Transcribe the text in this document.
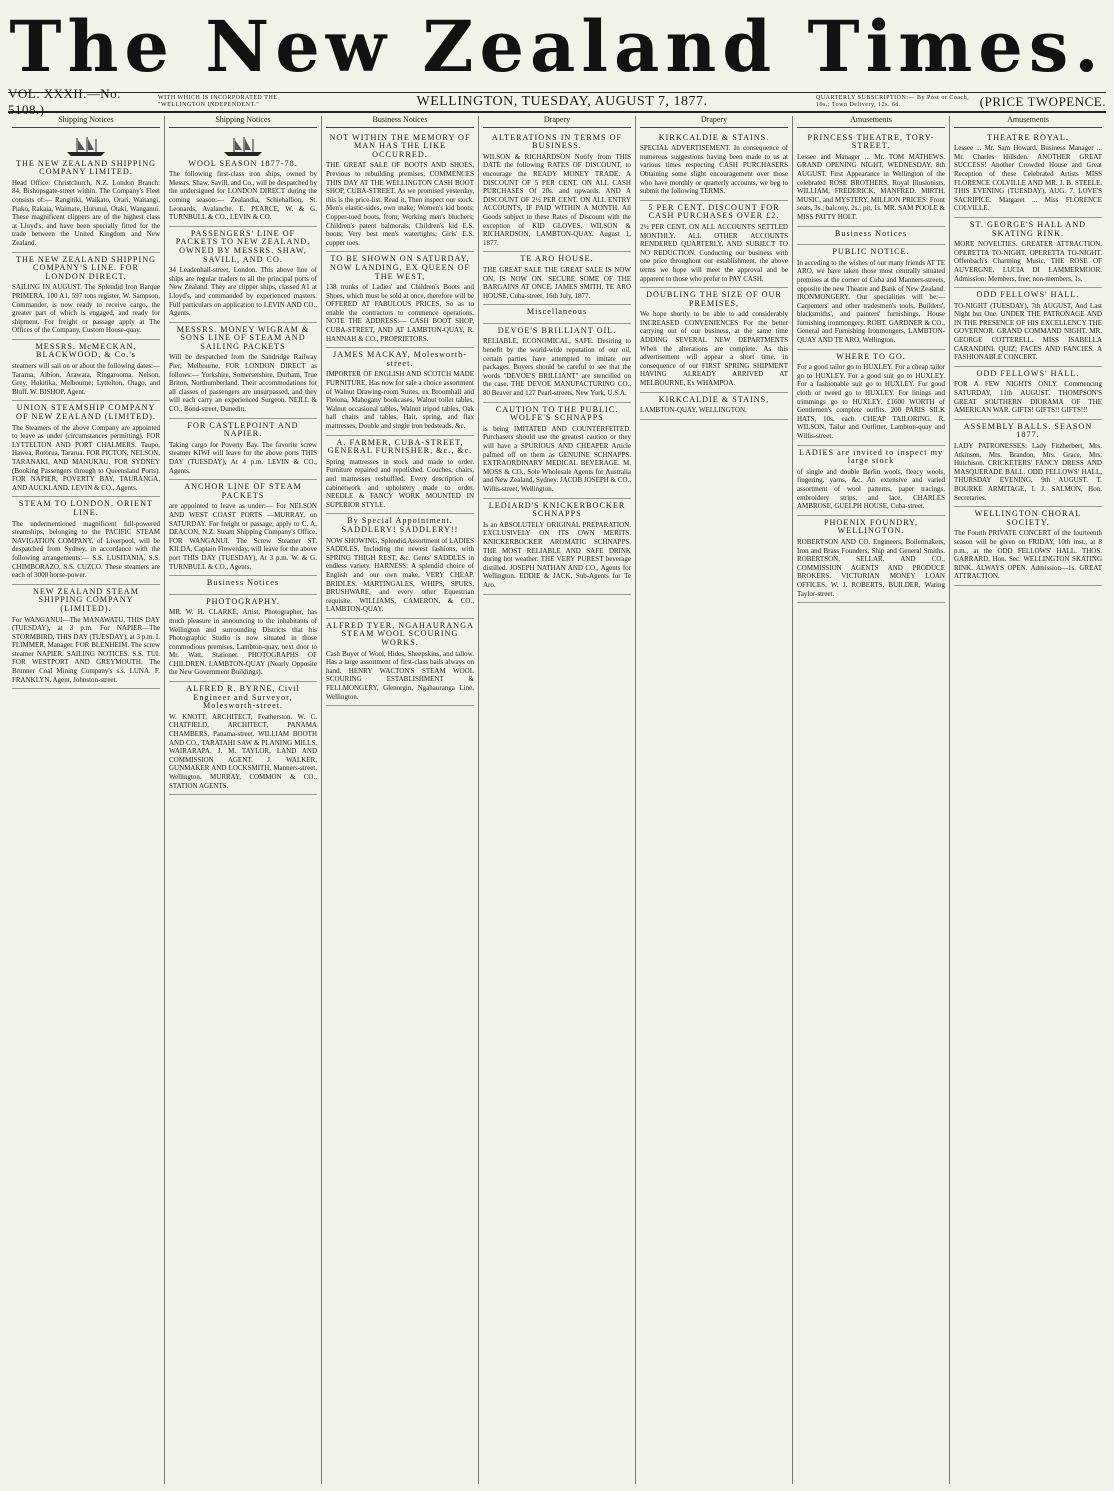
The New Zealand Times.
VOL. XXXII.—No. 5108.)
WITH WHICH IS INCORPORATED THE "WELLINGTON INDEPENDENT."	WELLINGTON, TUESDAY, AUGUST 7, 1877.	QUARTERLY SUBSCRIPTION:— By Post or Coach, 10s.; Town Delivery, 12s. 6d.	(PRICE TWOPENCE.
Shipping Notices
THE NEW ZEALAND SHIPPING COMPANY LIMITED.
Head Office: Christchurch, N.Z. London Branch: 84, Bishopsgate-street within. The Company's Fleet consists of:— Rangitiki, Waikato, Orari, Waitangi, Piako, Rakaia, Waimate, Hurunui, Otaki, Wanganui. These magnificent clippers are of the highest class at Lloyd's, and have been specially fitted for the trade between the United Kingdom and New Zealand.
THE NEW ZEALAND SHIPPING COMPANY'S LINE. FOR LONDON DIRECT.
SAILING IN AUGUST. The Splendid Iron Barque PRIMERA, 100 A1, 597 tons register, W. Sampson, Commander, is now ready to receive cargo, the greater part of which is engaged, and ready for shipment. For freight or passage apply at The Offices of the Company, Custom House-quay.
MESSRS. McMECKAN, BLACKWOOD, & Co.'s
steamers will sail on or about the following dates:— Tararua, Albion, Arawata, Ringarooma. Nelson, Grey, Hokitika, Melbourne; Lyttelton, Otago, and Bluff. W. BISHOP, Agent.
UNION STEAMSHIP COMPANY OF NEW ZEALAND (LIMITED).
The Steamers of the above Company are appointed to leave as under (circumstances permitting). FOR LYTTELTON AND PORT CHALMERS. Taupo, Hawea, Rotorua, Tararua. FOR PICTON, NELSON, TARANAKI, AND MANUKAU. FOR SYDNEY (Booking Passengers through to Queensland Ports). FOR NAPIER, POVERTY BAY, TAURANGA, AND AUCKLAND. LEVIN & CO., Agents.
STEAM TO LONDON. ORIENT LINE.
The undermentioned magnificent full-powered steamships, belonging to the PACIFIC STEAM NAVIGATION COMPANY, of Liverpool, will be despatched from Sydney, in accordance with the following arrangements:— S.S. LUSITANIA, S.S. CHIMBORAZO, S.S. CUZCO. These steamers are each of 3000 horse-power.
NEW ZEALAND STEAM SHIPPING COMPANY (LIMITED).
For WANGANUI—The MANAWATU, THIS DAY (TUESDAY), at 3 p.m. For NAPIER—The STORMBIRD, THIS DAY (TUESDAY), at 3 p.m. I. FLIMMER, Manager. FOR BLENHEIM. The screw steamer NAPIER. SAILING NOTICES. S.S. TUI. FOR WESTPORT AND GREYMOUTH. The Brunner Coal Mining Company's s.s. LUNA. F. FRANKLYN, Agent, Johnston-street.
Shipping Notices
WOOL SEASON 1877-78.
The following first-class iron ships, owned by Messrs. Shaw, Savill, and Co., will be despatched by the undersigned for LONDON DIRECT during the coming season:— Zealandia, Schiehallion, St. Leonards, Avalanche. E. PEARCE, W. & G. TURNBULL & CO., LEVIN & CO.
PASSENGERS' LINE OF PACKETS TO NEW ZEALAND, OWNED BY MESSRS. SHAW, SAVILL, AND CO.
34 Leadenhall-street, London. This above line of ships are regular traders to all the principal ports of New Zealand. They are clipper ships, classed A1 at Lloyd's, and commanded by experienced masters. Full particulars on application to LEVIN AND CO., Agents.
MESSRS. MONEY WIGRAM & SONS LINE OF STEAM AND SAILING PACKETS
Will be despatched from the Sandridge Railway Pier, Melbourne, FOR LONDON DIRECT as follows:— Yorkshire, Somersetshire, Durham, True Briton, Northumberland. Their accommodations for all classes of passengers are unsurpassed, and they will each carry an experienced Surgeon. NEILL & CO., Bond-street, Dunedin.
FOR CASTLEPOINT AND NAPIER.
Taking cargo for Poverty Bay. The favorite screw steamer KIWI will leave for the above ports THIS DAY (TUESDAY), At 4 p.m. LEVIN & CO., Agents.
ANCHOR LINE OF STEAM PACKETS
are appointed to leave as under:— For NELSON AND WEST COAST PORTS —MURRAY, on SATURDAY. For freight or passage, apply to C. A. DEACON, N.Z. Steam Shipping Company's Office. FOR WANGANUI. The Screw Steamer ST. KILDA, Captain Flowerday, will leave for the above port THIS DAY (TUESDAY), At 3 p.m. W. & G. TURNBULL & CO., Agents.
Business Notices
PHOTOGRAPHY.
MR. W. H. CLARKE, Artist, Photographer, has much pleasure in announcing to the inhabitants of Wellington and surrounding Districts that his Photographic Studio is now situated in those commodious premises, Lambton-quay, next door to Mr. Watt, Stationer. PHOTOGRAPHS OF CHILDREN. LAMBTON-QUAY (Nearly Opposite the New Government Buildings).
ALFRED R. BYRNE, Civil Engineer and Surveyor, Molesworth-street.
W. KNOTT, ARCHITECT, Featherston. W. C. CHATFIELD, ARCHITECT, PANAMA CHAMBERS, Panama-street. WILLIAM BOOTH AND CO., TARATAHI SAW & PLANING MILLS, WAIRARAPA. J. M. TAYLOR, LAND AND COMMISSION AGENT. J. WALKER, GUNMAKER AND LOCKSMITH, Manners-street, Wellington. MURRAY, COMMON & CO., STATION AGENTS.
Business Notices
NOT WITHIN THE MEMORY OF MAN HAS THE LIKE OCCURRED.
THE GREAT SALE OF BOOTS AND SHOES, Previous to rebuilding premises, COMMENCES THIS DAY AT THE WELLINGTON CASH BOOT SHOP, CUBA-STREET. As we promised yesterday, this is the price-list. Read it. Then inspect our stock. Men's elastic-sides, own make; Women's kid boots; Copper-toed boots, from; Working men's bluchers; Children's patent balmorals; Children's kid E.S. boots; Very best men's watertights; Girls' E.S. copper toes.
TO BE SHOWN ON SATURDAY, NOW LANDING, EX QUEEN OF THE WEST,
138 trunks of Ladies' and Children's Boots and Shoes, which must be sold at once, therefore will be OFFERED AT FABULOUS PRICES, So as to enable the contractors to commence operations. NOTE THE ADDRESS:— CASH BOOT SHOP, CUBA-STREET, AND AT LAMBTON-QUAY, R. HANNAH & CO., PROPRIETORS.
JAMES MACKAY, Molesworth-street.
IMPORTER OF ENGLISH AND SCOTCH MADE FURNITURE, Has now for sale a choice assortment of Walnut Drawing-room Suites, ex Broomhall and Fleiona, Mahogany bookcases, Walnut toilet tables, Walnut occasional tables, Walnut tripod tables, Oak hall chairs and tables, Hair, spring, and flax mattresses, Double and single iron bedsteads, &c.
A. FARMER, CUBA-STREET, GENERAL FURNISHER, &c., &c.
Spring mattresses in stock and made to order. Furniture repaired and repolished. Couches, chairs, and mattresses reshuffled. Every description of cabinetwork and upholstery made to order. NEEDLE & FANCY WORK MOUNTED IN SUPERIOR STYLE.
By Special Appointment. SADDLERY! SADDLERY!!
NOW SHOWING, Splendid Assortment of LADIES SADDLES, Including the newest fashions, with SPRING THIGH REST, &c. Gents' SADDLES in endless variety. HARNESS: A splendid choice of English and our own make, VERY CHEAP. BRIDLES, MARTINGALES, WHIPS, SPURS, BRUSHWARE, and every other Equestrian requisite. WILLIAMS, CAMERON, & CO., LAMBTON-QUAY.
ALFRED TYER, NGAHAURANGA STEAM WOOL SCOURING WORKS.
Cash Buyer of Wool, Hides, Sheepskins, and tallow. Has a large assortment of first-class bails always on hand. HENRY WACTON'S STEAM WOOL SCOURING ESTABLISHMENT & FELLMONGERY, Glenorgin, Ngahauranga Line, Wellington.
Drapery
ALTERATIONS IN TERMS OF BUSINESS.
WILSON & RICHARDSON Notify from THIS DATE the following RATES OF DISCOUNT, to encourage the READY MONEY TRADE. A DISCOUNT OF 5 PER CENT. ON ALL CASH PURCHASES Of 20s. and upwards. AND A DISCOUNT OF 2½ PER CENT. ON ALL ENTRY ACCOUNTS, IF PAID WITHIN A MONTH. All Goods subject to these Rates of Discount with the exception of KID GLOVES. WILSON & RICHARDSON, LAMBTON-QUAY. August 1, 1877.
TE ARO HOUSE.
THE GREAT SALE THE GREAT SALE IS NOW ON, IS NOW ON. SECURE SOME OF THE BARGAINS AT ONCE. JAMES SMITH, TE ARO HOUSE, Cuba-street, 16th July, 1877.
Miscellaneous
DEVOE'S BRILLIANT OIL.
RELIABLE, ECONOMICAL, SAFE. Desiring to benefit by the world-wide reputation of our oil, certain parties have attempted to imitate our packages. Buyers should be careful to see that the words "DEVOE'S BRILLIANT" are stencilled on the case. THE DEVOE MANUFACTURING CO., 80 Beaver and 127 Pearl-streets, New York, U.S.A.
CAUTION TO THE PUBLIC. WOLFE'S SCHNAPPS
is being IMITATED AND COUNTERFEITED. Purchasers should use the greatest caution or they will have a SPURIOUS AND CHEAPER Article palmed off on them as GENUINE SCHNAPPS. EXTRAORDINARY MEDICAL BEVERAGE. M. MOSS & CO., Sole Wholesale Agents for Australia and New Zealand, Sydney. JACOB JOSEPH & CO., Willis-street, Wellington.
LEDIARD'S KNICKERBOCKER SCHNAPPS
Is an ABSOLUTELY ORIGINAL PREPARATION. EXCLUSIVELY ON ITS OWN MERITS. KNICKERBOCKER AROMATIC SCHNAPPS. THE MOST RELIABLE AND SAFE DRINK during hot weather. THE VERY PUREST beverage distilled. JOSEPH NATHAN AND CO., Agents for Wellington. EDDIE & JACK, Sub-Agents for Te Aro.
Drapery
KIRKCALDIE & STAINS.
SPECIAL ADVERTISEMENT. In consequence of numerous suggestions having been made to us at various times respecting CASH PURCHASERS Obtaining some slight encouragement over those who have monthly or quarterly accounts, we beg to submit the following TERMS.
5 PER CENT. DISCOUNT FOR CASH PURCHASES OVER £2.
2½ PER CENT. ON ALL ACCOUNTS SETTLED MONTHLY. ALL OTHER ACCOUNTS RENDERED QUARTERLY, AND SUBJECT TO NO REDUCTION. Conducting our business with one price throughout our establishment, the above terms we hope will meet the approval and be apparent to those who prefer to PAY CASH.
DOUBLING THE SIZE OF OUR PREMISES,
We hope shortly to be able to add considerably INCREASED CONVENIENCES For the better carrying out of our business, at the same time ADDING SEVERAL NEW DEPARTMENTS When the alterations are complete. As this advertisement will appear a short time, in consequence of our FIRST SPRING SHIPMENT HAVING ALREADY ARRIVED AT MELBOURNE, Ex WHAMPOA.
KIRKCALDIE & STAINS,
LAMBTON-QUAY, WELLINGTON.
Amusements
PRINCESS THEATRE, TORY-STREET.
Lessee and Manager ... Mr. TOM MATHEWS. GRAND OPENING NIGHT, WEDNESDAY, 8th AUGUST. First Appearance in Wellington of the celebrated ROSE BROTHERS, Royal Illusionists, WILLIAM, FREDERICK, MANFRED. MIRTH, MUSIC, and MYSTERY. MILLION PRICES: Front seats, 3s.; balcony, 2s.; pit, 1s. MR. SAM POOLE & MISS PATTY HOLT.
Business Notices
PUBLIC NOTICE.
In acceding to the wishes of our many friends AT TE ARO, we have taken those most centrally situated premises at the corner of Cuba and Manners-streets, opposite the new Theatre and Bank of New Zealand. IRONMONGERY. Our specialities will be:— Carpenters' and other tradesmen's tools, Builders', blacksmiths', and painters' furnishings, House furnishing ironmongery. ROBT. GARDNER & CO., General and Furnishing Ironmongers, LAMBTON-QUAY AND TE ARO, Wellington.
WHERE TO GO.
For a good tailor go to HUXLEY. For a cheap tailor go to HUXLEY. For a good suit go to HUXLEY. For a fashionable suit go to HUXLEY. For good cloth or tweed go to HUXLEY. For linings and trimmings go to HUXLEY. £1600 WORTH of Gentlemen's complete outfits. 200 PARIS SILK HATS, 10s. each. CHEAP TAILORING. R. WILSON, Tailor and Outfitter, Lambton-quay and Willis-street.
LADIES are invited to inspect my large stock
of single and double Berlin wools, fleecy wools, fingering, yarns, &c. An extensive and varied assortment of wool patterns, paper tracings, embroidery strips, and lace. CHARLES AMBROSE, GUELPH HOUSE, Cuba-street.
PHOENIX FOUNDRY, WELLINGTON.
ROBERTSON AND CO. Engineers, Boilermakers, Iron and Brass Founders, Ship and General Smiths. ROBERTSON, SELLAR, AND CO., COMMISSION AGENTS AND PRODUCE BROKERS. VICTORIAN MONEY LOAN OFFICES. W. J. ROBERTS, BUILDER, Waring Taylor-street.
Amusements
THEATRE ROYAL.
Lessee ... Mr. Sam Howard. Business Manager ... Mr. Charles Hillsden. ANOTHER GREAT SUCCESS! Another Crowded House and Great Reception of these Celebrated Artists MISS FLORENCE COLVILLE AND MR. J. B. STEELE. THIS EVENING (TUESDAY), AUG. 7. LOVE'S SACRIFICE. Margaret ... Miss FLORENCE COLVILLE.
ST. GEORGE'S HALL AND SKATING RINK.
MORE NOVELTIES. GREATER ATTRACTION. OPERETTA TO-NIGHT. OPERETTA TO-NIGHT. Offenbach's Charming Music, THE ROSE OF AUVERGNE. LUCIA DI LAMMERMOOR. Admission: Members, free; non-members, 1s.
ODD FELLOWS' HALL.
TO-NIGHT (TUESDAY), 7th AUGUST, And Last Night but One. UNDER THE PATRONAGE AND IN THE PRESENCE OF HIS EXCELLENCY THE GOVERNOR. GRAND COMMAND NIGHT. MR. GEORGE COTTERELL. MISS ISABELLA CARANDINI. QUIZ; FACES AND FANCIES. A FASHIONABLE CONCERT.
ODD FELLOWS' HALL.
FOR A FEW NIGHTS ONLY. Commencing SATURDAY, 11th AUGUST. THOMPSON'S GREAT SOUTHERN DIORAMA OF THE AMERICAN WAR. GIFTS! GIFTS!! GIFTS!!!
ASSEMBLY BALLS. SEASON 1877.
LADY PATRONESSES: Lady Fitzherbert, Mrs. Atkinson, Mrs. Brandon, Mrs. Grace, Mrs. Hutchison. CRICKETERS' FANCY DRESS AND MASQUERADE BALL. ODD FELLOWS' HALL, THURSDAY EVENING, 9th AUGUST. T. BOURKE ARMITAGE, I. J. SALMON, Hon. Secretaries.
WELLINGTON CHORAL SOCIETY.
The Fourth PRIVATE CONCERT of the fourteenth season will be given on FRIDAY, 10th inst., at 8 p.m., at the ODD FELLOWS' HALL. THOS. GARRARD, Hon. Sec. WELLINGTON SKATING RINK. ALWAYS OPEN. Admission—1s. GREAT ATTRACTION.
